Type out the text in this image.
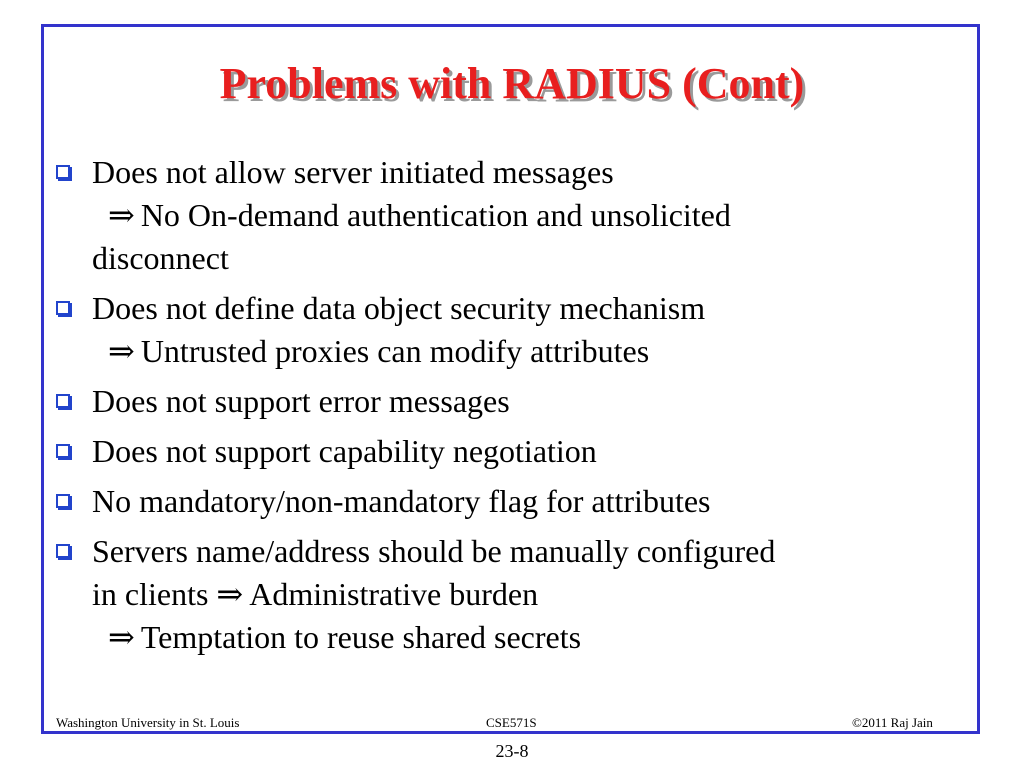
Problems with RADIUS (Cont)
Does not allow server initiated messages
⇒ No On-demand authentication and unsolicited
disconnect
Does not define data object security mechanism
⇒ Untrusted proxies can modify attributes
Does not support error messages
Does not support capability negotiation
No mandatory/non-mandatory flag for attributes
Servers name/address should be manually configured
in clients ⇒ Administrative burden
⇒ Temptation to reuse shared secrets
Washington University in St. Louis	CSE571S	©2011 Raj Jain
23-8
